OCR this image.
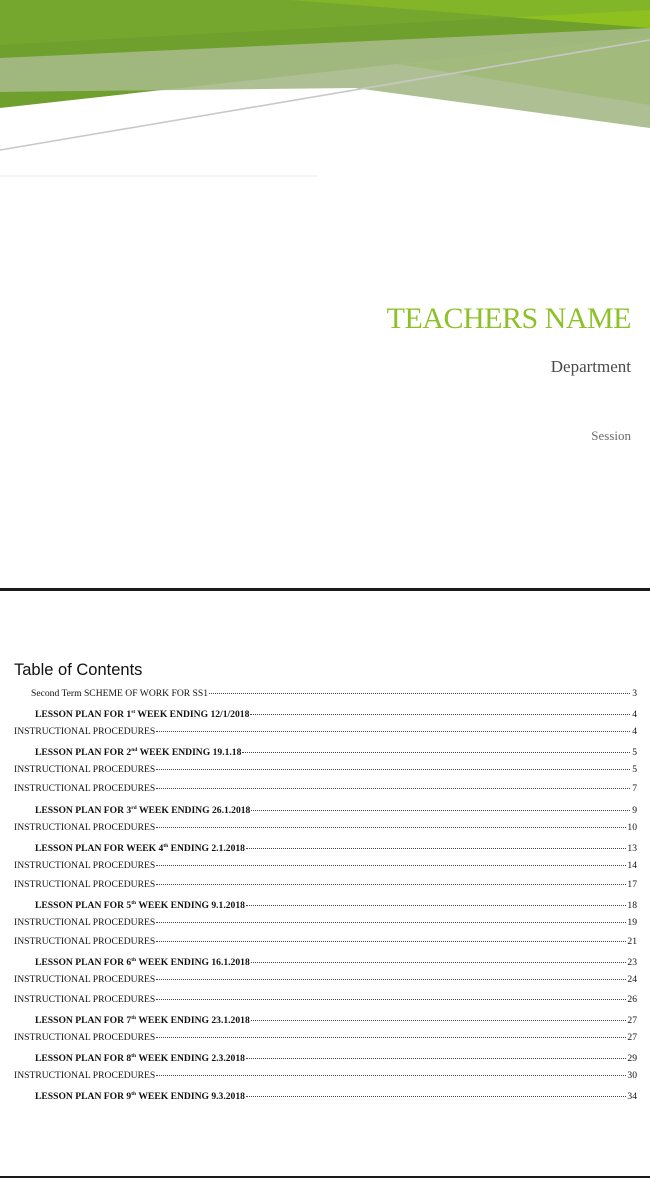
TEACHERS NAME
Department
Session
Table of Contents
Second Term SCHEME OF WORK FOR SS1	3
LESSON PLAN FOR 1st WEEK ENDING 12/1/2018	4
INSTRUCTIONAL PROCEDURES	4
LESSON PLAN FOR 2nd WEEK ENDING 19.1.18	5
INSTRUCTIONAL PROCEDURES	5
INSTRUCTIONAL PROCEDURES	7
LESSON PLAN FOR 3rd WEEK ENDING 26.1.2018	9
INSTRUCTIONAL PROCEDURES	10
LESSON PLAN FOR WEEK 4th ENDING 2.1.2018	13
INSTRUCTIONAL PROCEDURES	14
INSTRUCTIONAL PROCEDURES	17
LESSON PLAN FOR 5th WEEK ENDING 9.1.2018	18
INSTRUCTIONAL PROCEDURES	19
INSTRUCTIONAL PROCEDURES	21
LESSON PLAN FOR 6th WEEK ENDING 16.1.2018	23
INSTRUCTIONAL PROCEDURES	24
INSTRUCTIONAL PROCEDURES	26
LESSON PLAN FOR 7th WEEK ENDING 23.1.2018	27
INSTRUCTIONAL PROCEDURES	27
LESSON PLAN FOR 8th WEEK ENDING 2.3.2018	29
INSTRUCTIONAL PROCEDURES	30
LESSON PLAN FOR 9th WEEK ENDING 9.3.2018	34
